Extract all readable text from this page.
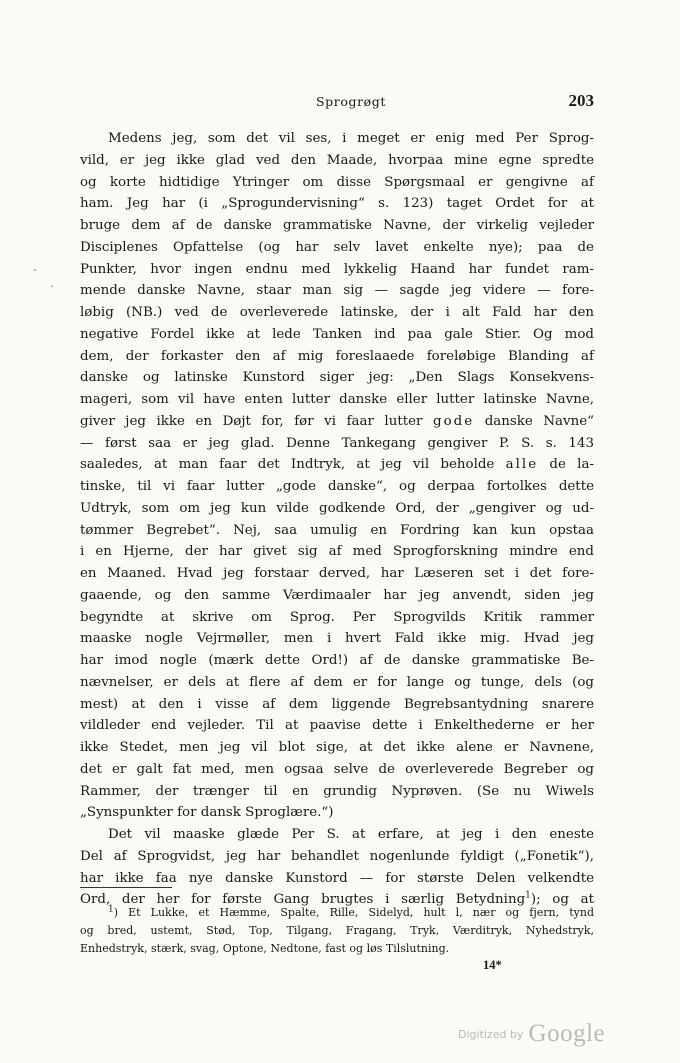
Sprogrøgt	203
-
·
Medens jeg, som det vil ses, i meget er enig med Per Sprog-
vild, er jeg ikke glad ved den Maade, hvorpaa mine egne spredte
og korte hidtidige Ytringer om disse Spørgsmaal er gengivne af
ham. Jeg har (i „Sprogundervisning“ s. 123) taget Ordet for at
bruge dem af de danske grammatiske Navne, der virkelig vejleder
Disciplenes Opfattelse (og har selv lavet enkelte nye); paa de
Punkter, hvor ingen endnu med lykkelig Haand har fundet ram-
mende danske Navne, staar man sig — sagde jeg videre — fore-
løbig (NB.) ved de overleverede latinske, der i alt Fald har den
negative Fordel ikke at lede Tanken ind paa gale Stier. Og mod
dem, der forkaster den af mig foreslaaede foreløbige Blanding af
danske og latinske Kunstord siger jeg: „Den Slags Konsekvens-
mageri, som vil have enten lutter danske eller lutter latinske Navne,
giver jeg ikke en Døjt for, før vi faar lutter gode danske Navne“
— først saa er jeg glad. Denne Tankegang gengiver P. S. s. 143
saaledes, at man faar det Indtryk, at jeg vil beholde alle de la-
tinske, til vi faar lutter „gode danske“, og derpaa fortolkes dette
Udtryk, som om jeg kun vilde godkende Ord, der „gengiver og ud-
tømmer Begrebet“. Nej, saa umulig en Fordring kan kun opstaa
i en Hjerne, der har givet sig af med Sprogforskning mindre end
en Maaned. Hvad jeg forstaar derved, har Læseren set i det fore-
gaaende, og den samme Værdimaaler har jeg anvendt, siden jeg
begyndte at skrive om Sprog. Per Sprogvilds Kritik rammer
maaske nogle Vejrmøller, men i hvert Fald ikke mig. Hvad jeg
har imod nogle (mærk dette Ord!) af de danske grammatiske Be-
nævnelser, er dels at flere af dem er for lange og tunge, dels (og
mest) at den i visse af dem liggende Begrebsantydning snarere
vildleder end vejleder. Til at paavise dette i Enkelthederne er her
ikke Stedet, men jeg vil blot sige, at det ikke alene er Navnene,
det er galt fat med, men ogsaa selve de overleverede Begreber og
Rammer, der trænger til en grundig Nyprøven. (Se nu Wiwels
„Synspunkter for dansk Sproglære.“)
Det vil maaske glæde Per S. at erfare, at jeg i den eneste
Del af Sprogvidst, jeg har behandlet nogenlunde fyldigt („Fonetik“),
har ikke faa nye danske Kunstord — for største Delen velkendte
Ord, der her for første Gang brugtes i særlig Betydning$^1$); og at
$^1$) Et Lukke, et Hæmme, Spalte, Rille, Sidelyd, hult l, nær og fjern, tynd
og bred, ustemt, Stød, Top, Tilgang, Fragang, Tryk, Værditryk, Nyhedstryk,
Enhedstryk, stærk, svag, Optone, Nedtone, fast og løs Tilslutning.
14*
Digitized by Google
